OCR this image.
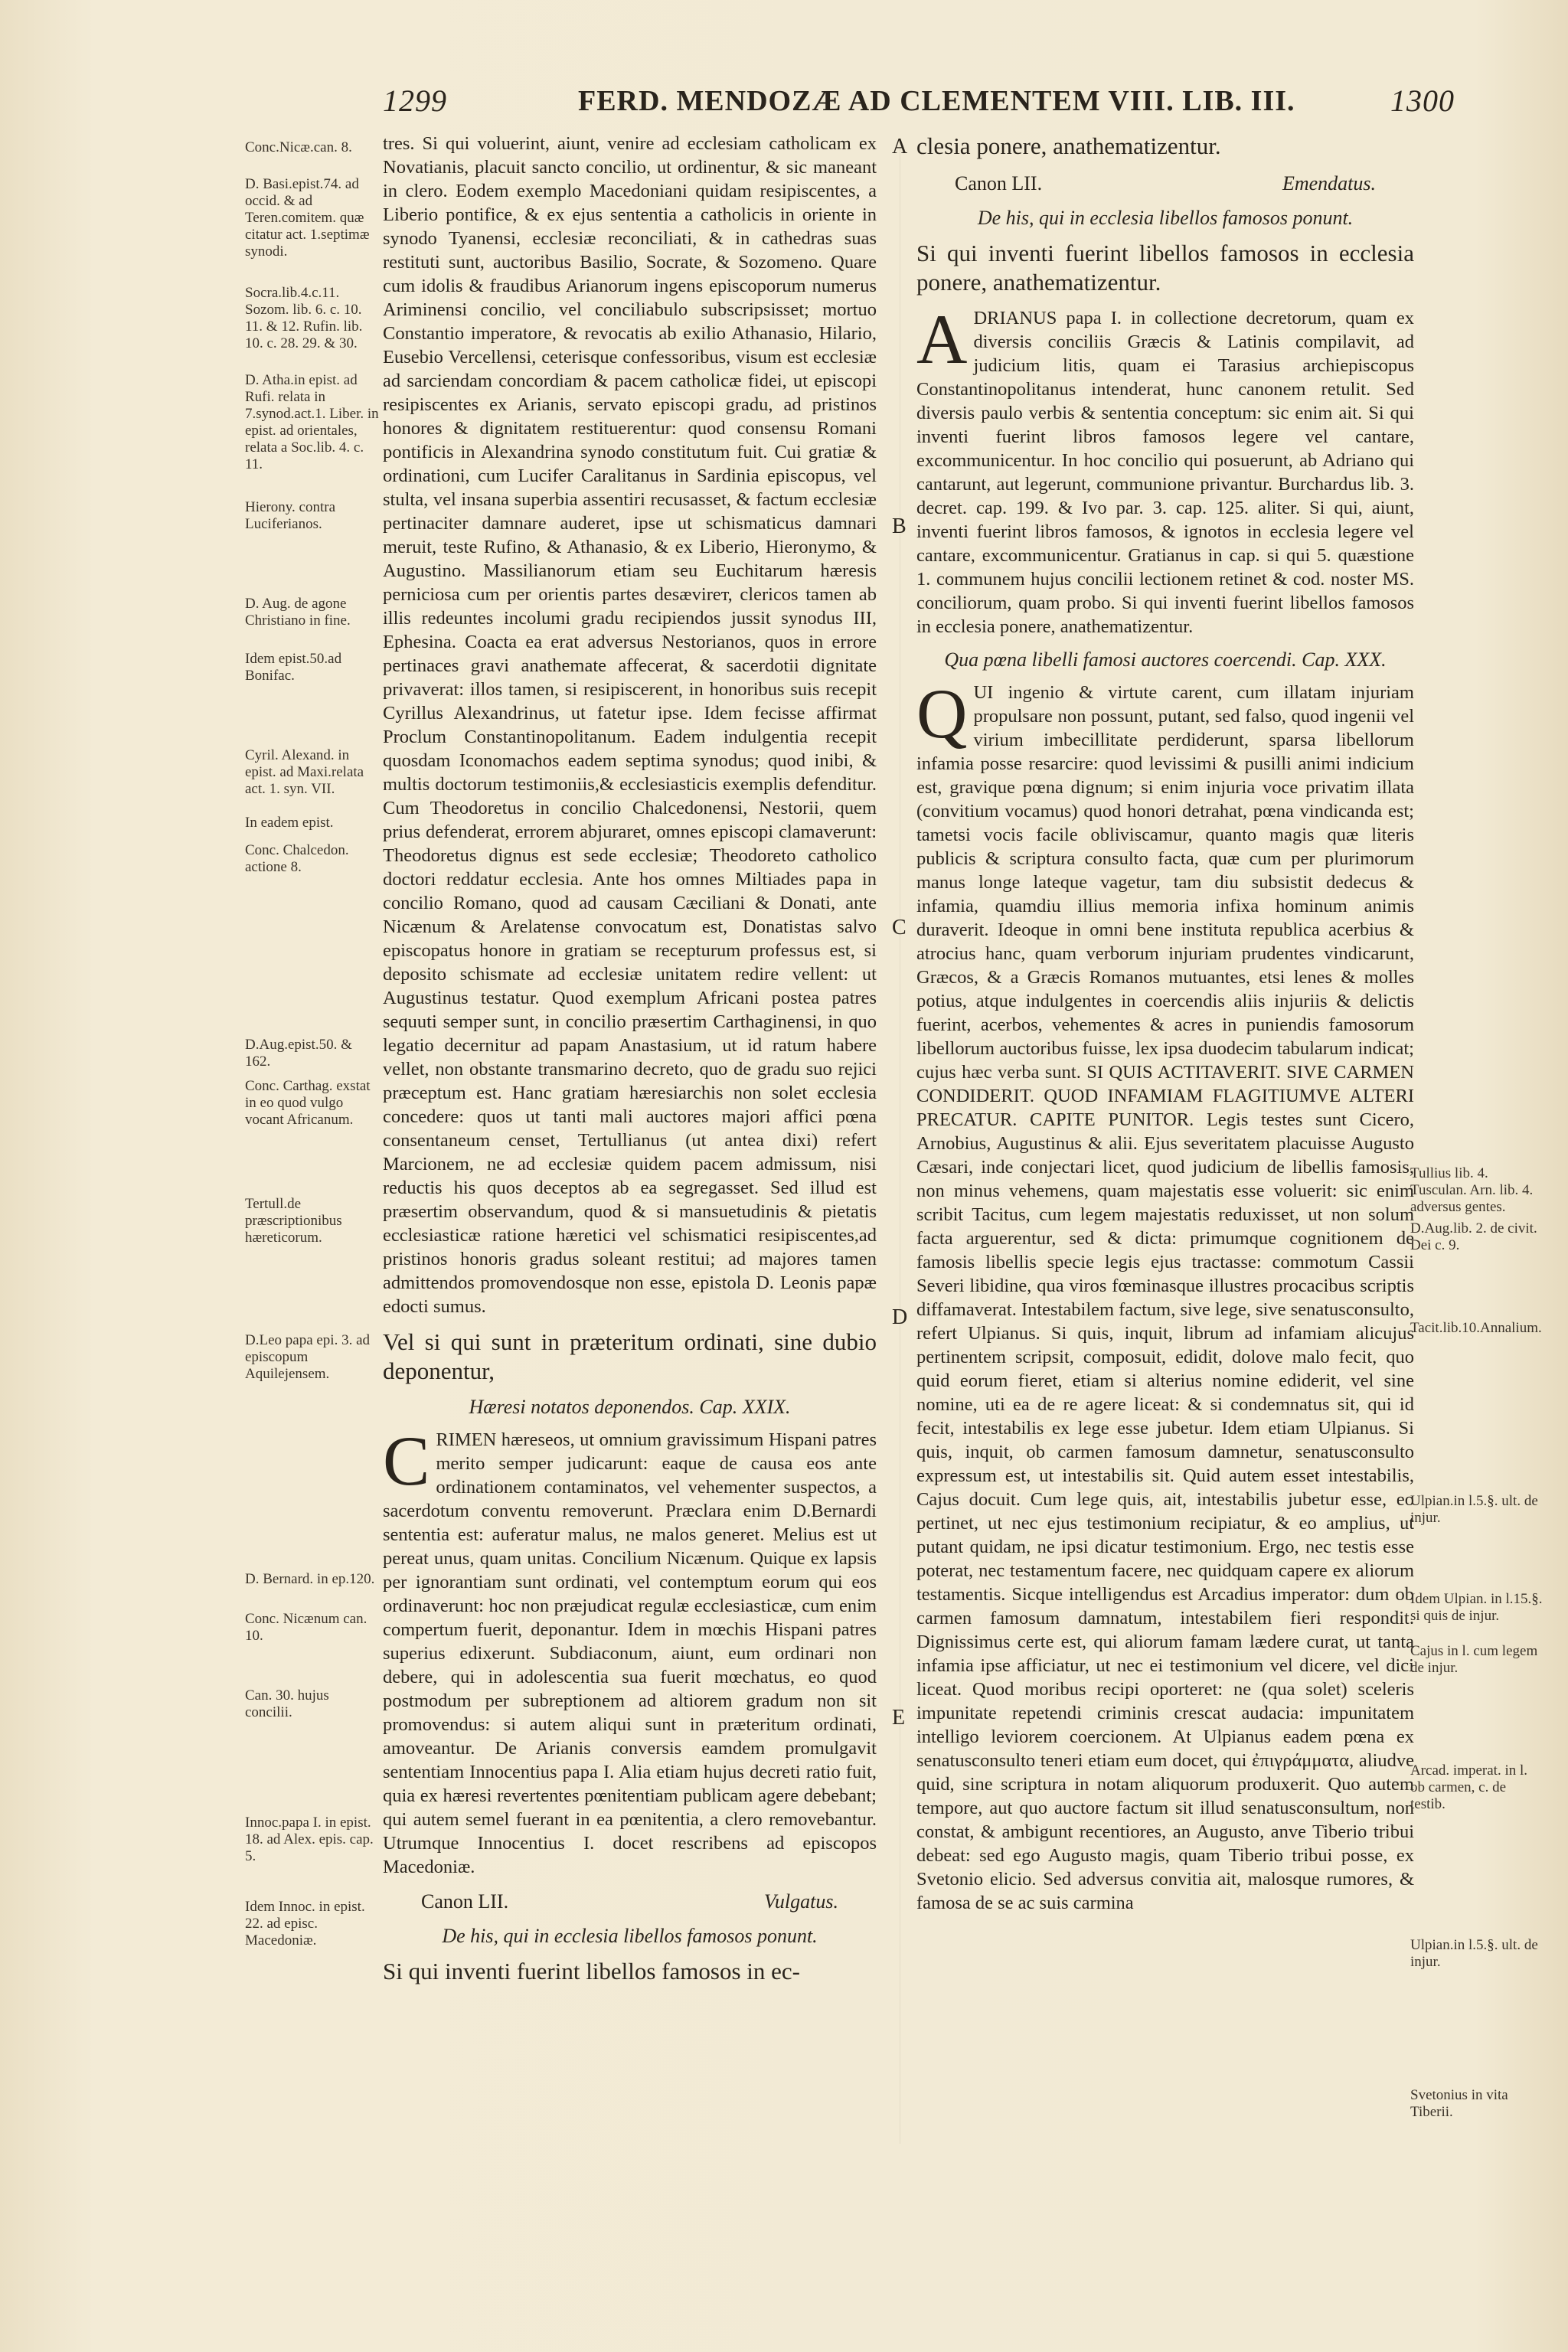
1299	FERD. MENDOZÆ AD CLEMENTEM VIII. LIB. III.	1300

tres. Si qui voluerint, aiunt, venire ad ecclesiam catholicam ex Novatianis, placuit sancto concilio, ut ordinentur, & sic maneant in clero. Eodem exemplo Macedoniani quidam resipiscentes, a Liberio pontifice, & ex ejus sententia a catholicis in oriente in synodo Tyanensi, ecclesiæ reconciliati, & in cathedras suas restituti sunt, auctoribus Basilio, Socrate, & Sozomeno. Quare cum idolis & fraudibus Arianorum ingens episcoporum numerus Ariminensi concilio, vel conciliabulo subscripsisset; mortuo Constantio imperatore, & revocatis ab exilio Athanasio, Hilario, Eusebio Vercellensi, ceterisque confessoribus, visum est ecclesiæ ad sarciendam concordiam & pacem catholicæ fidei, ut episcopi resipiscentes ex Arianis, servato episcopi gradu, ad pristinos honores & dignitatem restituerentur: quod consensu Romani pontificis in Alexandrina synodo constitutum fuit. Cui gratiæ & ordinationi, cum Lucifer Caralitanus in Sardinia episcopus, vel stulta, vel insana superbia assentiri recusasset, & factum ecclesiæ pertinaciter damnare auderet, ipse ut schismaticus damnari meruit, teste Rufino, & Athanasio, & ex Liberio, Hieronymo, & Augustino. Massilianorum etiam seu Euchitarum hæresis perniciosa cum per orientis partes desævirет, clericos tamen ab illis redeuntes incolumi gradu recipiendos jussit synodus III, Ephesina. Coacta ea erat adversus Nestorianos, quos in errore pertinaces gravi anathemate affecerat, & sacerdotii dignitate privaverat: illos tamen, si resipiscerent, in honoribus suis recepit Cyrillus Alexandrinus, ut fatetur ipse. Idem fecisse affirmat Proclum Constantinopolitanum. Eadem indulgentia recepit quosdam Iconomachos eadem septima synodus; quod inibi, & multis doctorum testimoniis,& ecclesiasticis exemplis defenditur. Cum Theodoretus in concilio Chalcedonensi, Nestorii, quem prius defenderat, errorem abjuraret, omnes episcopi clamaverunt: Theodoretus dignus est sede ecclesiæ; Theodoreto catholico doctori reddatur ecclesia. Ante hos omnes Miltiades papa in concilio Romano, quod ad causam Cæciliani & Donati, ante Nicænum & Arelatense convocatum est, Donatistas salvo episcopatus honore in gratiam se recepturum professus est, si deposito schismate ad ecclesiæ unitatem redire vellent: ut Augustinus testatur. Quod exemplum Africani postea patres sequuti semper sunt, in concilio præsertim Carthaginensi, in quo legatio decernitur ad papam Anastasium, ut id ratum habere vellet, non obstante transmarino decreto, quo de gradu suo rejici præceptum est. Hanc gratiam hæresiarchis non solet ecclesia concedere: quos ut tanti mali auctores majori affici pœna consentaneum censet, Tertullianus (ut antea dixi) refert Marcionem, ne ad ecclesiæ quidem pacem admissum, nisi reductis his quos deceptos ab ea segregasset. Sed illud est præsertim observandum, quod & si mansuetudinis & pietatis ecclesiasticæ ratione hæretici vel schismatici resipiscentes,ad pristinos honoris gradus soleant restitui; ad majores tamen admittendos promovendosque non esse, epistola D. Leonis papæ edocti sumus.

Vel si qui sunt in præteritum ordinati, sine dubio deponentur,

Hæresi notatos deponendos. Cap. XXIX.

CRIMEN hæreseos, ut omnium gravissimum Hispani patres merito semper judicarunt: eaque de causa eos ante ordinationem contaminatos, vel vehementer suspectos, a sacerdotum conventu removerunt. Præclara enim D.Bernardi sententia est: auferatur malus, ne malos generet. Melius est ut pereat unus, quam unitas. Concilium Nicænum. Quique ex lapsis per ignorantiam sunt ordinati, vel contemptum eorum qui eos ordinaverunt: hoc non præjudicat regulæ ecclesiasticæ, cum enim compertum fuerit, deponantur. Idem in mœchis Hispani patres superius edixerunt. Subdiaconum, aiunt, eum ordinari non debere, qui in adolescentia sua fuerit mœchatus, eo quod postmodum per subreptionem ad altiorem gradum non sit promovendus: si autem aliqui sunt in præteritum ordinati, amoveantur. De Arianis conversis eamdem promulgavit sententiam Innocentius papa I. Alia etiam hujus decreti ratio fuit, quia ex hæresi revertentes pœnitentiam publicam agere debebant; qui autem semel fuerant in ea pœnitentia, a clero removebantur. Utrumque Innocentius I. docet rescribens ad episcopos Macedoniæ.

Canon LII.	Vulgatus.

De his, qui in ecclesia libellos famosos ponunt.

Si qui inventi fuerint libellos famosos in ec-

clesia ponere, anathematizentur.

Canon LII.	Emendatus.

De his, qui in ecclesia libellos famosos ponunt.

Si qui inventi fuerint libellos famosos in ecclesia ponere, anathematizentur.

ADRIANUS papa I. in collectione decretorum, quam ex diversis conciliis Græcis & Latinis compilavit, ad judicium litis, quam ei Tarasius archiepiscopus Constantinopolitanus intenderat, hunc canonem retulit. Sed diversis paulo verbis & sententia conceptum: sic enim ait. Si qui inventi fuerint libros famosos legere vel cantare, excommunicentur. In hoc concilio qui posuerunt, ab Adriano qui cantarunt, aut legerunt, communione privantur. Burchardus lib. 3. decret. cap. 199. & Ivo par. 3. cap. 125. aliter. Si qui, aiunt, inventi fuerint libros famosos, & ignotos in ecclesia legere vel cantare, excommunicentur. Gratianus in cap. si qui 5. quæstione 1. communem hujus concilii lectionem retinet & cod. noster MS. conciliorum, quam probo. Si qui inventi fuerint libellos famosos in ecclesia ponere, anathematizentur.

Qua pœna libelli famosi auctores coercendi. Cap. XXX.

QUI ingenio & virtute carent, cum illatam injuriam propulsare non possunt, putant, sed falso, quod ingenii vel virium imbecillitate perdiderunt, sparsa libellorum infamia posse resarcire: quod levissimi & pusilli animi indicium est, gravique pœna dignum; si enim injuria voce privatim illata (convitium vocamus) quod honori detrahat, pœna vindicanda est; tametsi vocis facile obliviscamur, quanto magis quæ literis publicis & scriptura consulto facta, quæ cum per plurimorum manus longe lateque vagetur, tam diu subsistit dedecus & infamia, quamdiu illius memoria infixa hominum animis duraverit. Ideoque in omni bene instituta republica acerbius & atrocius hanc, quam verborum injuriam prudentes vindicarunt, Græcos, & a Græcis Romanos mutuantes, etsi lenes & molles potius, atque indulgentes in coercendis aliis injuriis & delictis fuerint, acerbos, vehementes & acres in puniendis famosorum libellorum auctoribus fuisse, lex ipsa duodecim tabularum indicat; cujus hæc verba sunt. SI QUIS ACTITAVERIT. SIVE CARMEN CONDIDERIT. QUOD INFAMIAM FLAGITIUMVE ALTERI PRECATUR. CAPITE PUNITOR. Legis testes sunt Cicero, Arnobius, Augustinus & alii. Ejus severitatem placuisse Augusto Cæsari, inde conjectari licet, quod judicium de libellis famosis, non minus vehemens, quam majestatis esse voluerit: sic enim scribit Tacitus, cum legem majestatis reduxisset, ut non solum facta arguerentur, sed & dicta: primumque cognitionem de famosis libellis specie legis ejus tractasse: commotum Cassii Severi libidine, qua viros fœminasque illustres procacibus scriptis diffamaverat. Intestabilem factum, sive lege, sive senatusconsulto, refert Ulpianus. Si quis, inquit, librum ad infamiam alicujus pertinentem scripsit, composuit, edidit, dolove malo fecit, quo quid eorum fieret, etiam si alterius nomine ediderit, vel sine nomine, uti ea de re agere liceat: & si condemnatus sit, qui id fecit, intestabilis ex lege esse jubetur. Idem etiam Ulpianus. Si quis, inquit, ob carmen famosum damnetur, senatusconsulto expressum est, ut intestabilis sit. Quid autem esset intestabilis, Cajus docuit. Cum lege quis, ait, intestabilis jubetur esse, eo pertinet, ut nec ejus testimonium recipiatur, & eo amplius, ut putant quidam, ne ipsi dicatur testimonium. Ergo, nec testis esse poterat, nec testamentum facere, nec quidquam capere ex aliorum testamentis. Sicque intelligendus est Arcadius imperator: dum ob carmen famosum damnatum, intestabilem fieri respondit. Dignissimus certe est, qui aliorum famam lædere curat, ut tanta infamia ipse afficiatur, ut nec ei testimonium vel dicere, vel dici liceat. Quod moribus recipi oporteret: ne (qua solet) sceleris impunitate repetendi criminis crescat audacia: impunitatem intelligo leviorem coercionem. At Ulpianus eadem pœna ex senatusconsulto teneri etiam eum docet, qui ἐπιγράμματα, aliudve quid, sine scriptura in notam aliquorum produxerit. Quo autem tempore, aut quo auctore factum sit illud senatusconsultum, non constat, & ambigunt recentiores, an Augusto, anve Tiberio tribui debeat: sed ego Augusto magis, quam Tiberio tribui posse, ex Svetonio elicio. Sed adversus convitia ait, malosque rumores, & famosa de se ac suis carmina

A
B
C
D
E
Conc.Nicæ.can. 8.
D. Basi.epist.74. ad occid. & ad Teren.comitem. quæ citatur act. 1.septimæ synodi.
Socra.lib.4.c.11. Sozom. lib. 6. c. 10. 11. & 12. Rufin. lib. 10. c. 28. 29. & 30.
D. Atha.in epist. ad Rufi. relata in 7.synod.act.1. Liber. in epist. ad orientales, relata a Soc.lib. 4. c. 11.
Hierony. contra Luciferianos.
D. Aug. de agone Christiano in fine.
Idem epist.50.ad Bonifac.
Cyril. Alexand. in epist. ad Maxi.relata act. 1. syn. VII.
In eadem epist.
Conc. Chalcedon. actione 8.
D.Aug.epist.50. & 162.
Conc. Carthag. exstat in eo quod vulgo vocant Africanum.
Tertull.de præscriptionibus hæreticorum.
D.Leo papa epi. 3. ad episcopum Aquilejensem.
D. Bernard. in ep.120.
Conc. Nicænum can. 10.
Can. 30. hujus concilii.
Innoc.papa I. in epist. 18. ad Alex. epis. cap. 5.
Idem Innoc. in epist. 22. ad episc. Macedoniæ.
Tullius lib. 4. Tusculan. Arn. lib. 4. adversus gentes.
D.Aug.lib. 2. de civit. Dei c. 9.
Tacit.lib.10.Annalium.
Ulpian.in l.5.§. ult. de injur.
Idem Ulpian. in l.15.§. si quis de injur.
Cajus in l. cum legem de injur.
Arcad. imperat. in l. ob carmen, c. de testib.
Ulpian.in l.5.§. ult. de injur.
Svetonius in vita Tiberii.
